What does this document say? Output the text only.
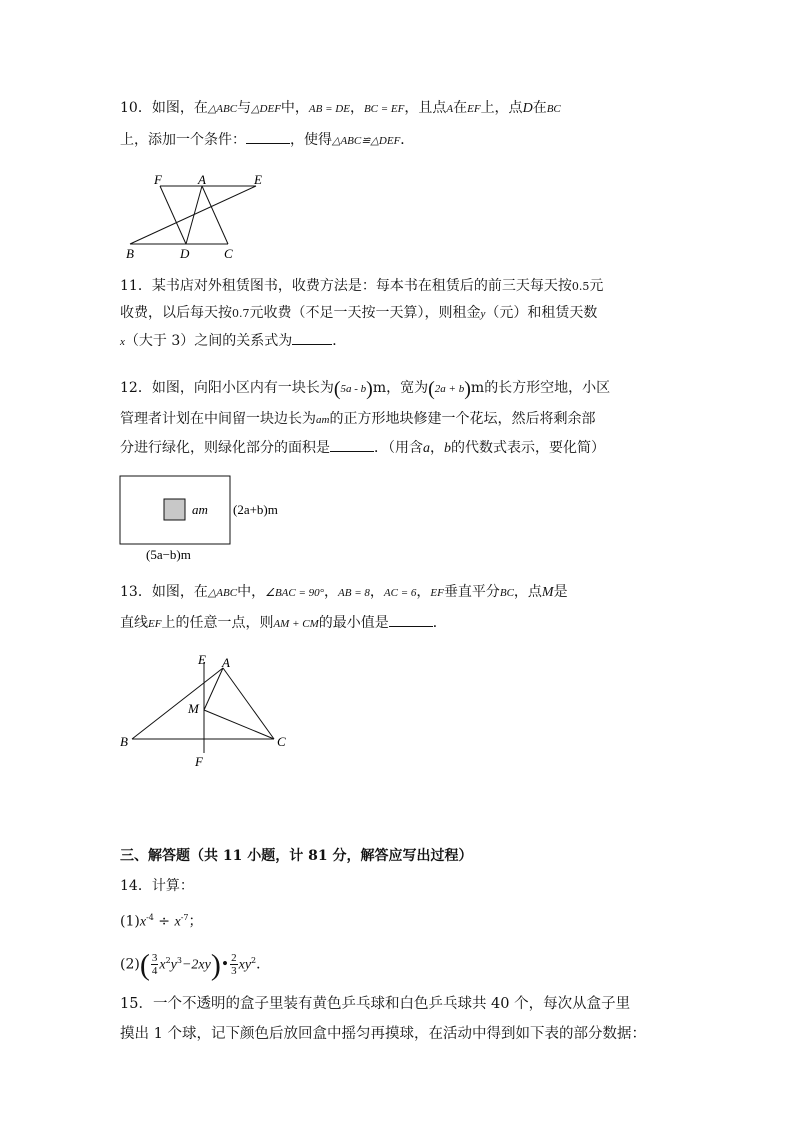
10．如图，在△ABC与△DEF中，AB = DE，BC = EF，且点A在EF上，点D在BC
上，添加一个条件：	，使得△ABC≌△DEF．
F	A	E
B	D	C
11．某书店对外租赁图书，收费方法是：每本书在租赁后的前三天每天按0.5元
收费，以后每天按0.7元收费（不足一天按一天算），则租金y（元）和租赁天数
x（大于 3）之间的关系式为	．
12．如图，向阳小区内有一块长为(5a - b)m，宽为(2a + b)m的长方形空地，小区
管理者计划在中间留一块边长为am的正方形地块修建一个花坛，然后将剩余部
分进行绿化，则绿化部分的面积是	．（用含a，b的代数式表示，要化简）
am (2a+b)m
(5a−b)m
13．如图，在△ABC中，∠BAC = 90°，AB = 8，AC = 6，EF垂直平分BC，点M是
直线EF上的任意一点，则AM + CM的最小值是	．
E A
M
B	C
F
三、解答题（共 11 小题，计 81 分，解答应写出过程）
14．计算：
$(1)x^{-4} \div x^{-7}$；
$(2)( \frac{3}{4}$ $x^2y^3-2xy)• \frac{2}{3} xy^2$．
15．一个不透明的盒子里装有黄色乒乓球和白色乒乓球共 40 个，每次从盒子里
摸出 1 个球，记下颜色后放回盒中摇匀再摸球，在活动中得到如下表的部分数据：
